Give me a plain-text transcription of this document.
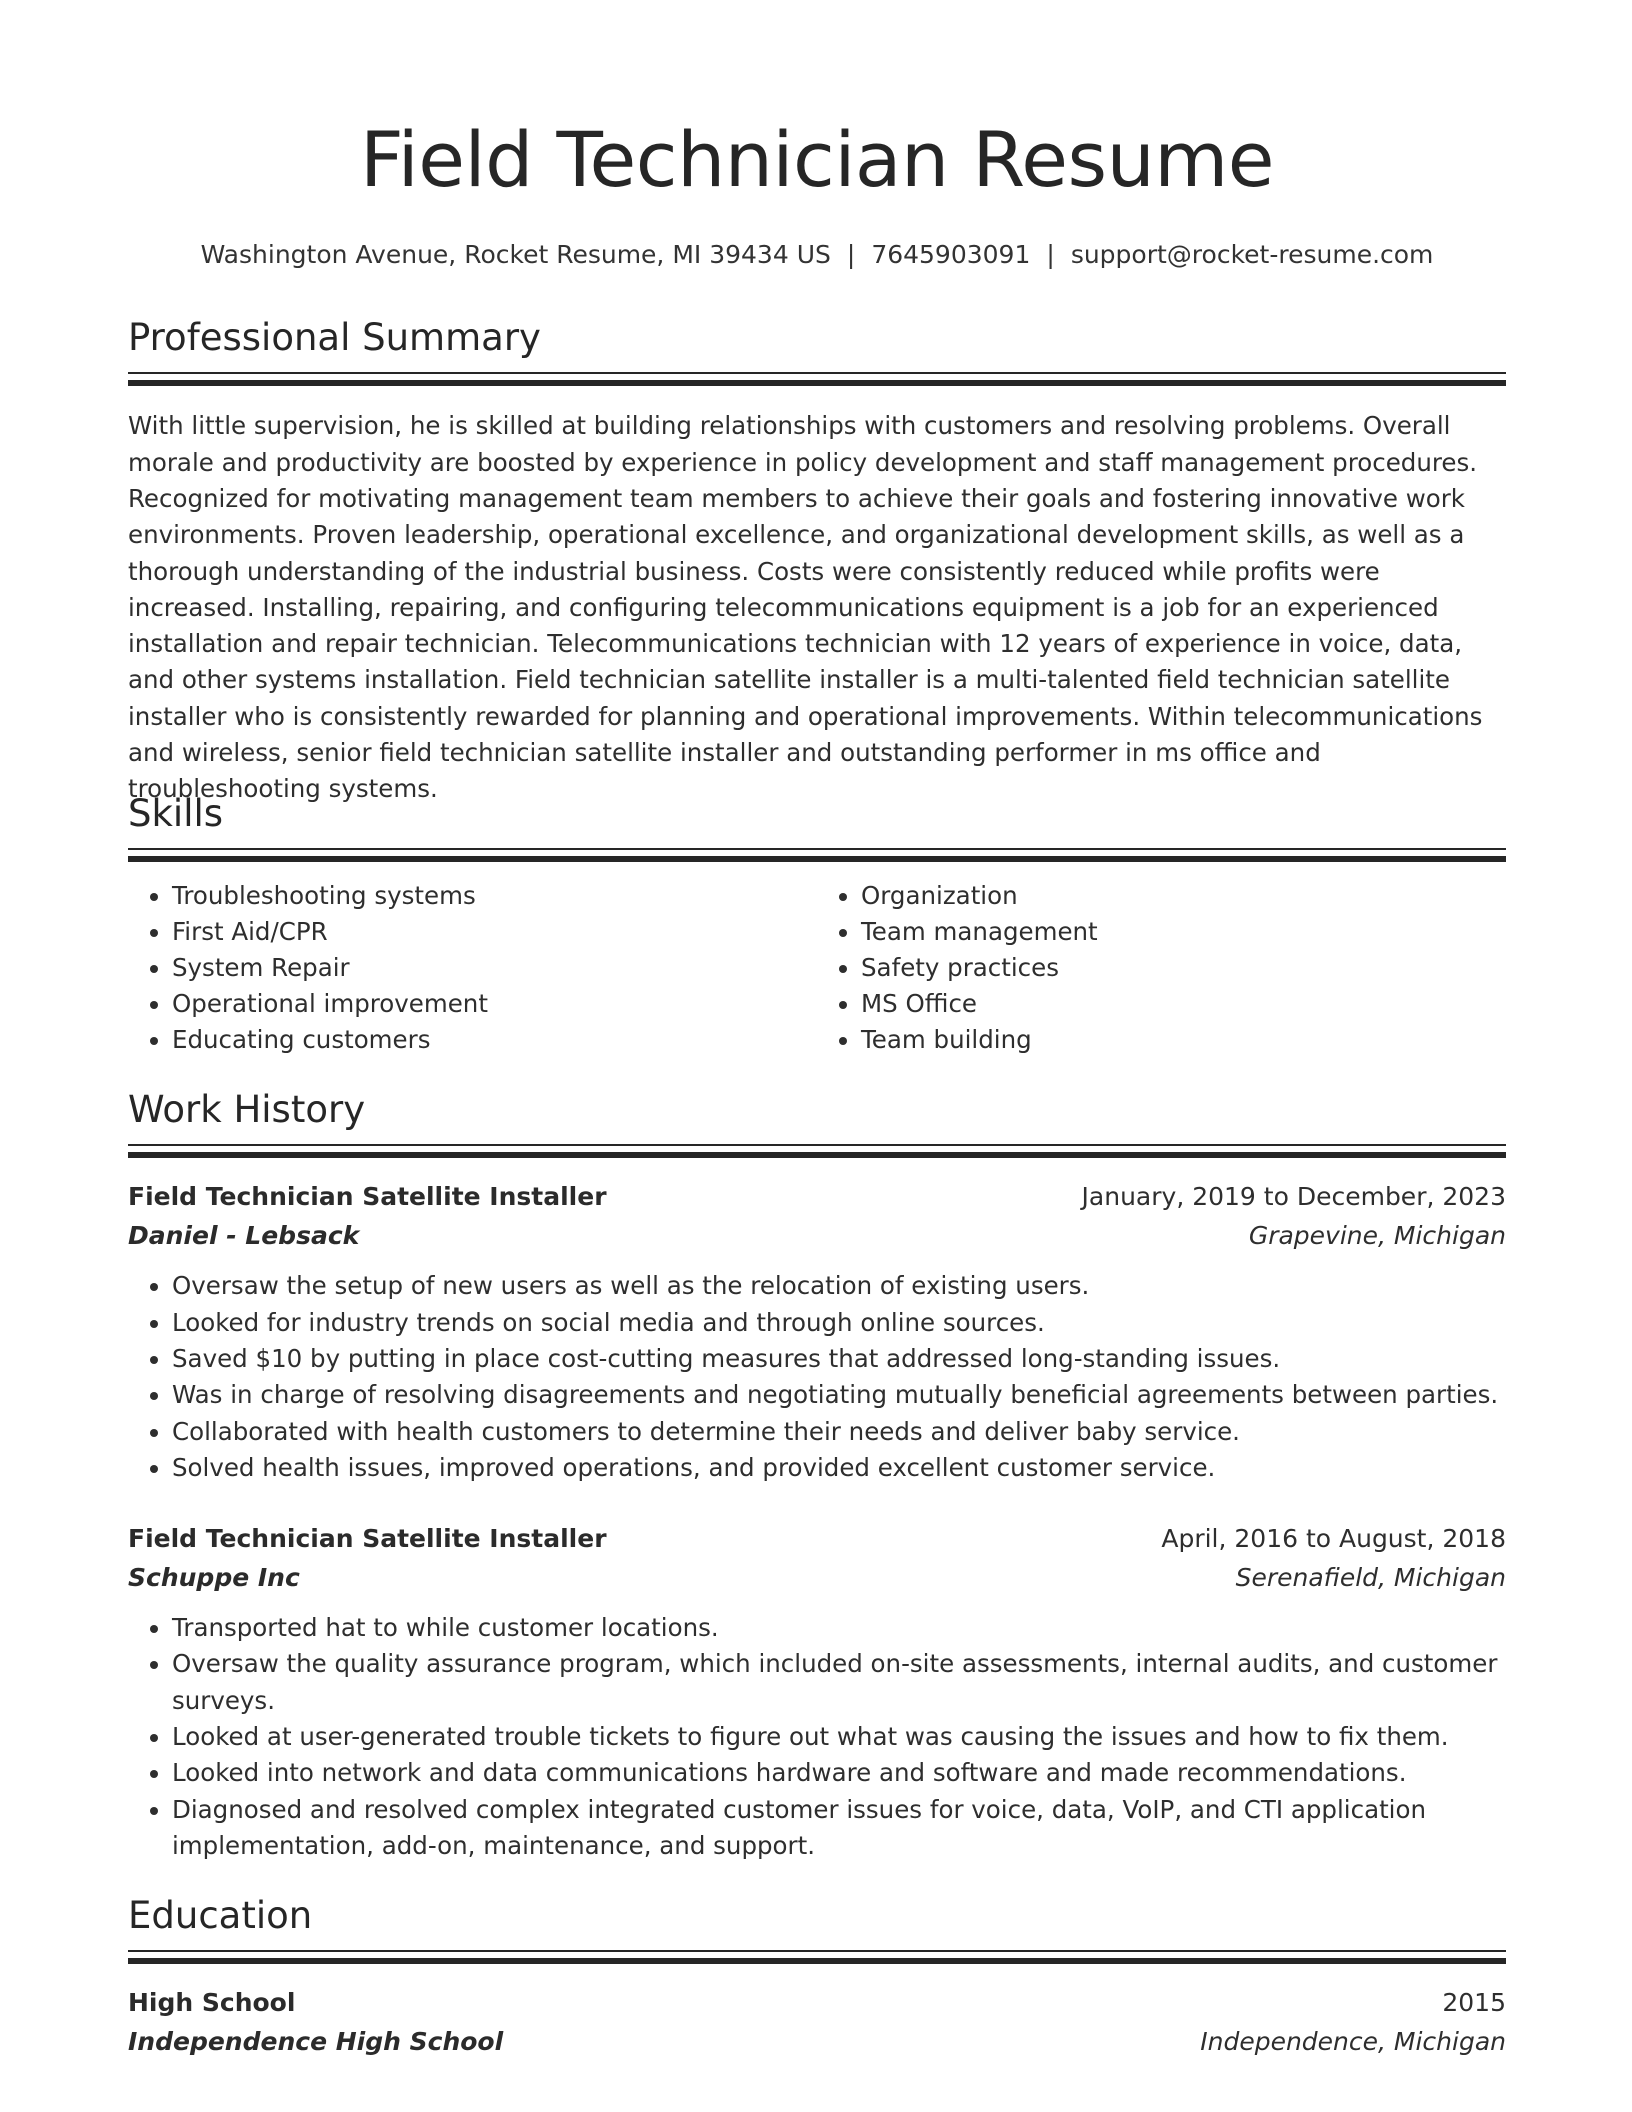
Field Technician Resume
Washington Avenue, Rocket Resume, MI 39434 US | 7645903091 | support@rocket-resume.com
Professional Summary
With little supervision, he is skilled at building relationships with customers and resolving problems. Overall morale and productivity are boosted by experience in policy development and staff management procedures. Recognized for motivating management team members to achieve their goals and fostering innovative work environments. Proven leadership, operational excellence, and organizational development skills, as well as a thorough understanding of the industrial business. Costs were consistently reduced while profits were increased. Installing, repairing, and configuring telecommunications equipment is a job for an experienced installation and repair technician. Telecommunications technician with 12 years of experience in voice, data, and other systems installation. Field technician satellite installer is a multi-talented field technician satellite installer who is consistently rewarded for planning and operational improvements. Within telecommunications and wireless, senior field technician satellite installer and outstanding performer in ms office and troubleshooting systems.
Skills
• Troubleshooting systems
• First Aid/CPR
• System Repair
• Operational improvement
• Educating customers
• Organization
• Team management
• Safety practices
• MS Office
• Team building
Work History
Field Technician Satellite Installer	January, 2019 to December, 2023
Daniel - Lebsack	Grapevine, Michigan
• Oversaw the setup of new users as well as the relocation of existing users.
• Looked for industry trends on social media and through online sources.
• Saved $10 by putting in place cost-cutting measures that addressed long-standing issues.
• Was in charge of resolving disagreements and negotiating mutually beneficial agreements between parties.
• Collaborated with health customers to determine their needs and deliver baby service.
• Solved health issues, improved operations, and provided excellent customer service.
Field Technician Satellite Installer	April, 2016 to August, 2018
Schuppe Inc	Serenafield, Michigan
• Transported hat to while customer locations.
• Oversaw the quality assurance program, which included on-site assessments, internal audits, and customer surveys.
• Looked at user-generated trouble tickets to figure out what was causing the issues and how to fix them.
• Looked into network and data communications hardware and software and made recommendations.
• Diagnosed and resolved complex integrated customer issues for voice, data, VoIP, and CTI application implementation, add-on, maintenance, and support.
Education
High School	2015
Independence High School	Independence, Michigan
